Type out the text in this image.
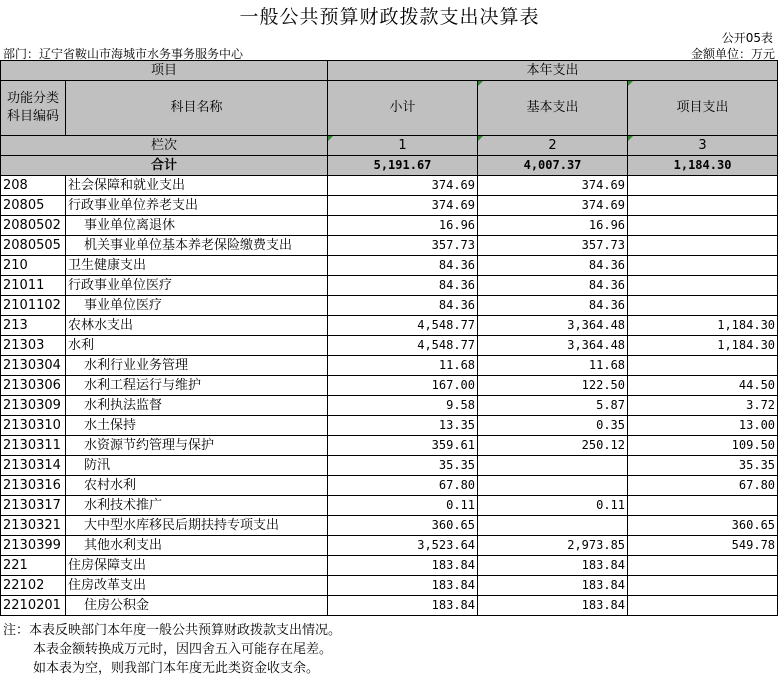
一般公共预算财政拨款支出决算表
公开05表
部门：辽宁省鞍山市海城市水务事务服务中心	金额单位：万元
项目		本年支出		
功能分类科目编码	科目名称	小计	基本支出	项目支出
栏次		1	2	3
合计		5,191.67	4,007.37	1,184.30
208	社会保障和就业支出	374.69	374.69	
20805	行政事业单位养老支出	374.69	374.69	
2080502	事业单位离退休	16.96	16.96	
2080505	机关事业单位基本养老保险缴费支出	357.73	357.73	
210	卫生健康支出	84.36	84.36	
21011	行政事业单位医疗	84.36	84.36	
2101102	事业单位医疗	84.36	84.36	
213	农林水支出	4,548.77	3,364.48	1,184.30
21303	水利	4,548.77	3,364.48	1,184.30
2130304	水利行业业务管理	11.68	11.68	
2130306	水利工程运行与维护	167.00	122.50	44.50
2130309	水利执法监督	9.58	5.87	3.72
2130310	水土保持	13.35	0.35	13.00
2130311	水资源节约管理与保护	359.61	250.12	109.50
2130314	防汛	35.35		35.35
2130316	农村水利	67.80		67.80
2130317	水利技术推广	0.11	0.11	
2130321	大中型水库移民后期扶持专项支出	360.65		360.65
2130399	其他水利支出	3,523.64	2,973.85	549.78
221	住房保障支出	183.84	183.84	
22102	住房改革支出	183.84	183.84	
2210201	住房公积金	183.84	183.84	
注：本表反映部门本年度一般公共预算财政拨款支出情况。
本表金额转换成万元时，因四舍五入可能存在尾差。
如本表为空，则我部门本年度无此类资金收支余。
